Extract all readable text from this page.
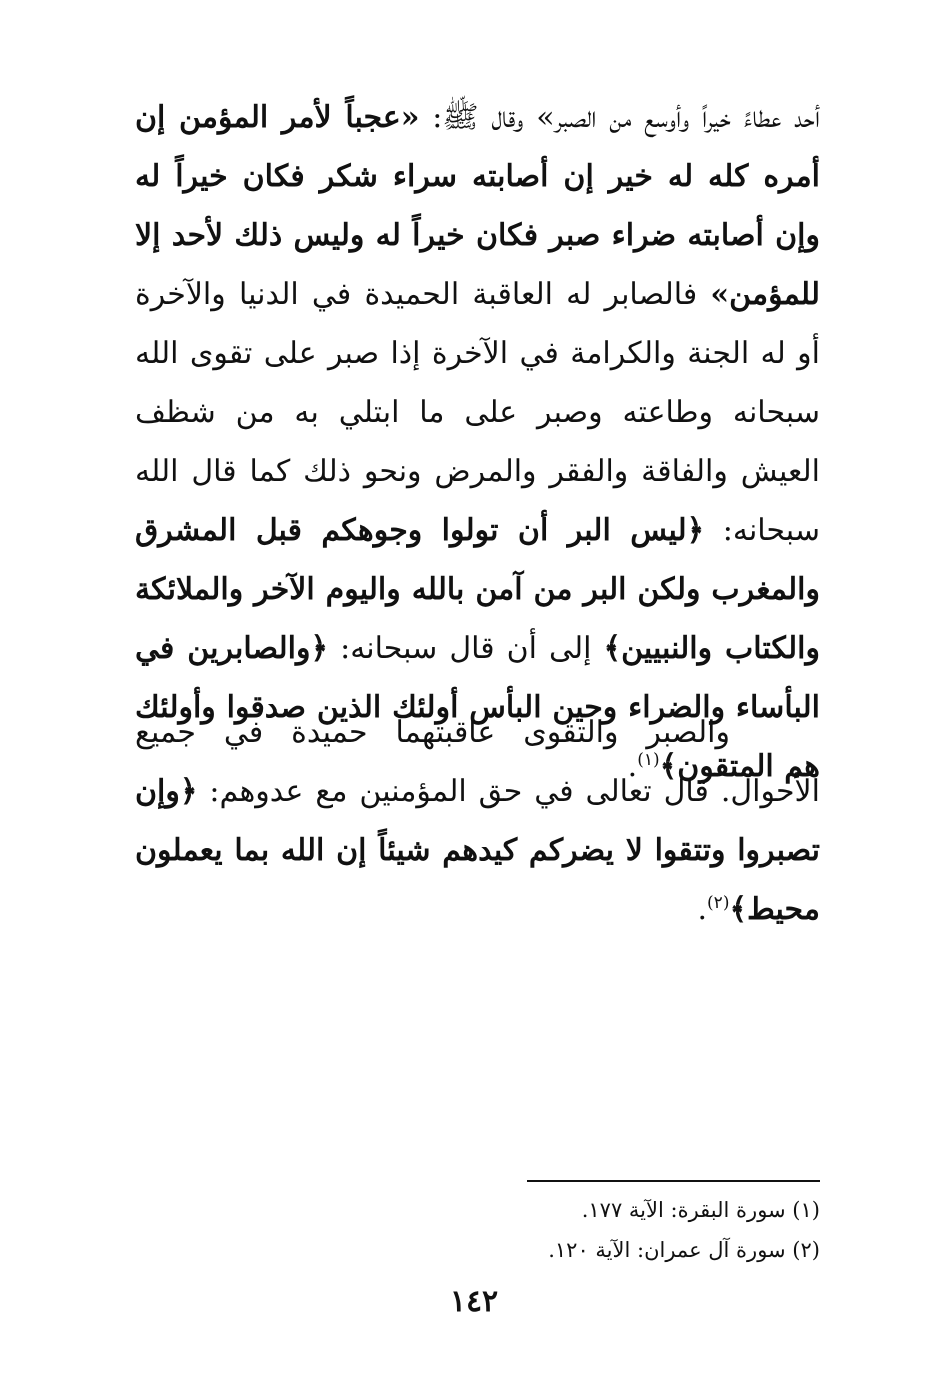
أحد عطاءً خيراً وأوسع من الصبر» وقال ﷺ: «عجباً لأمر المؤمن إن أمره كله له خير إن أصابته سراء شكر فكان خيراً له وإن أصابته ضراء صبر فكان خيراً له وليس ذلك لأحد إلا للمؤمن» فالصابر له العاقبة الحميدة في الدنيا والآخرة أو له الجنة والكرامة في الآخرة إذا صبر على تقوى الله سبحانه وطاعته وصبر على ما ابتلي به من شظف العيش والفاقة والفقر والمرض ونحو ذلك كما قال الله سبحانه: ﴿ليس البر أن تولوا وجوهكم قبل المشرق والمغرب ولكن البر من آمن بالله واليوم الآخر والملائكة والكتاب والنبيين﴾ إلى أن قال سبحانه: ﴿والصابرين في البأساء والضراء وحين البأس أولئك الذين صدقوا وأولئك هم المتقون﴾$^{(١)}$.

والصبر والتقوى عاقبتهما حميدة في جميع الأحوال. قال تعالى في حق المؤمنين مع عدوهم: ﴿وإن تصبروا وتتقوا لا يضركم كيدهم شيئاً إن الله بما يعملون محيط﴾$^{(٢)}$.

(١) سورة البقرة: الآية ١٧٧.
(٢) سورة آل عمران: الآية ١٢٠.
١٤٢
